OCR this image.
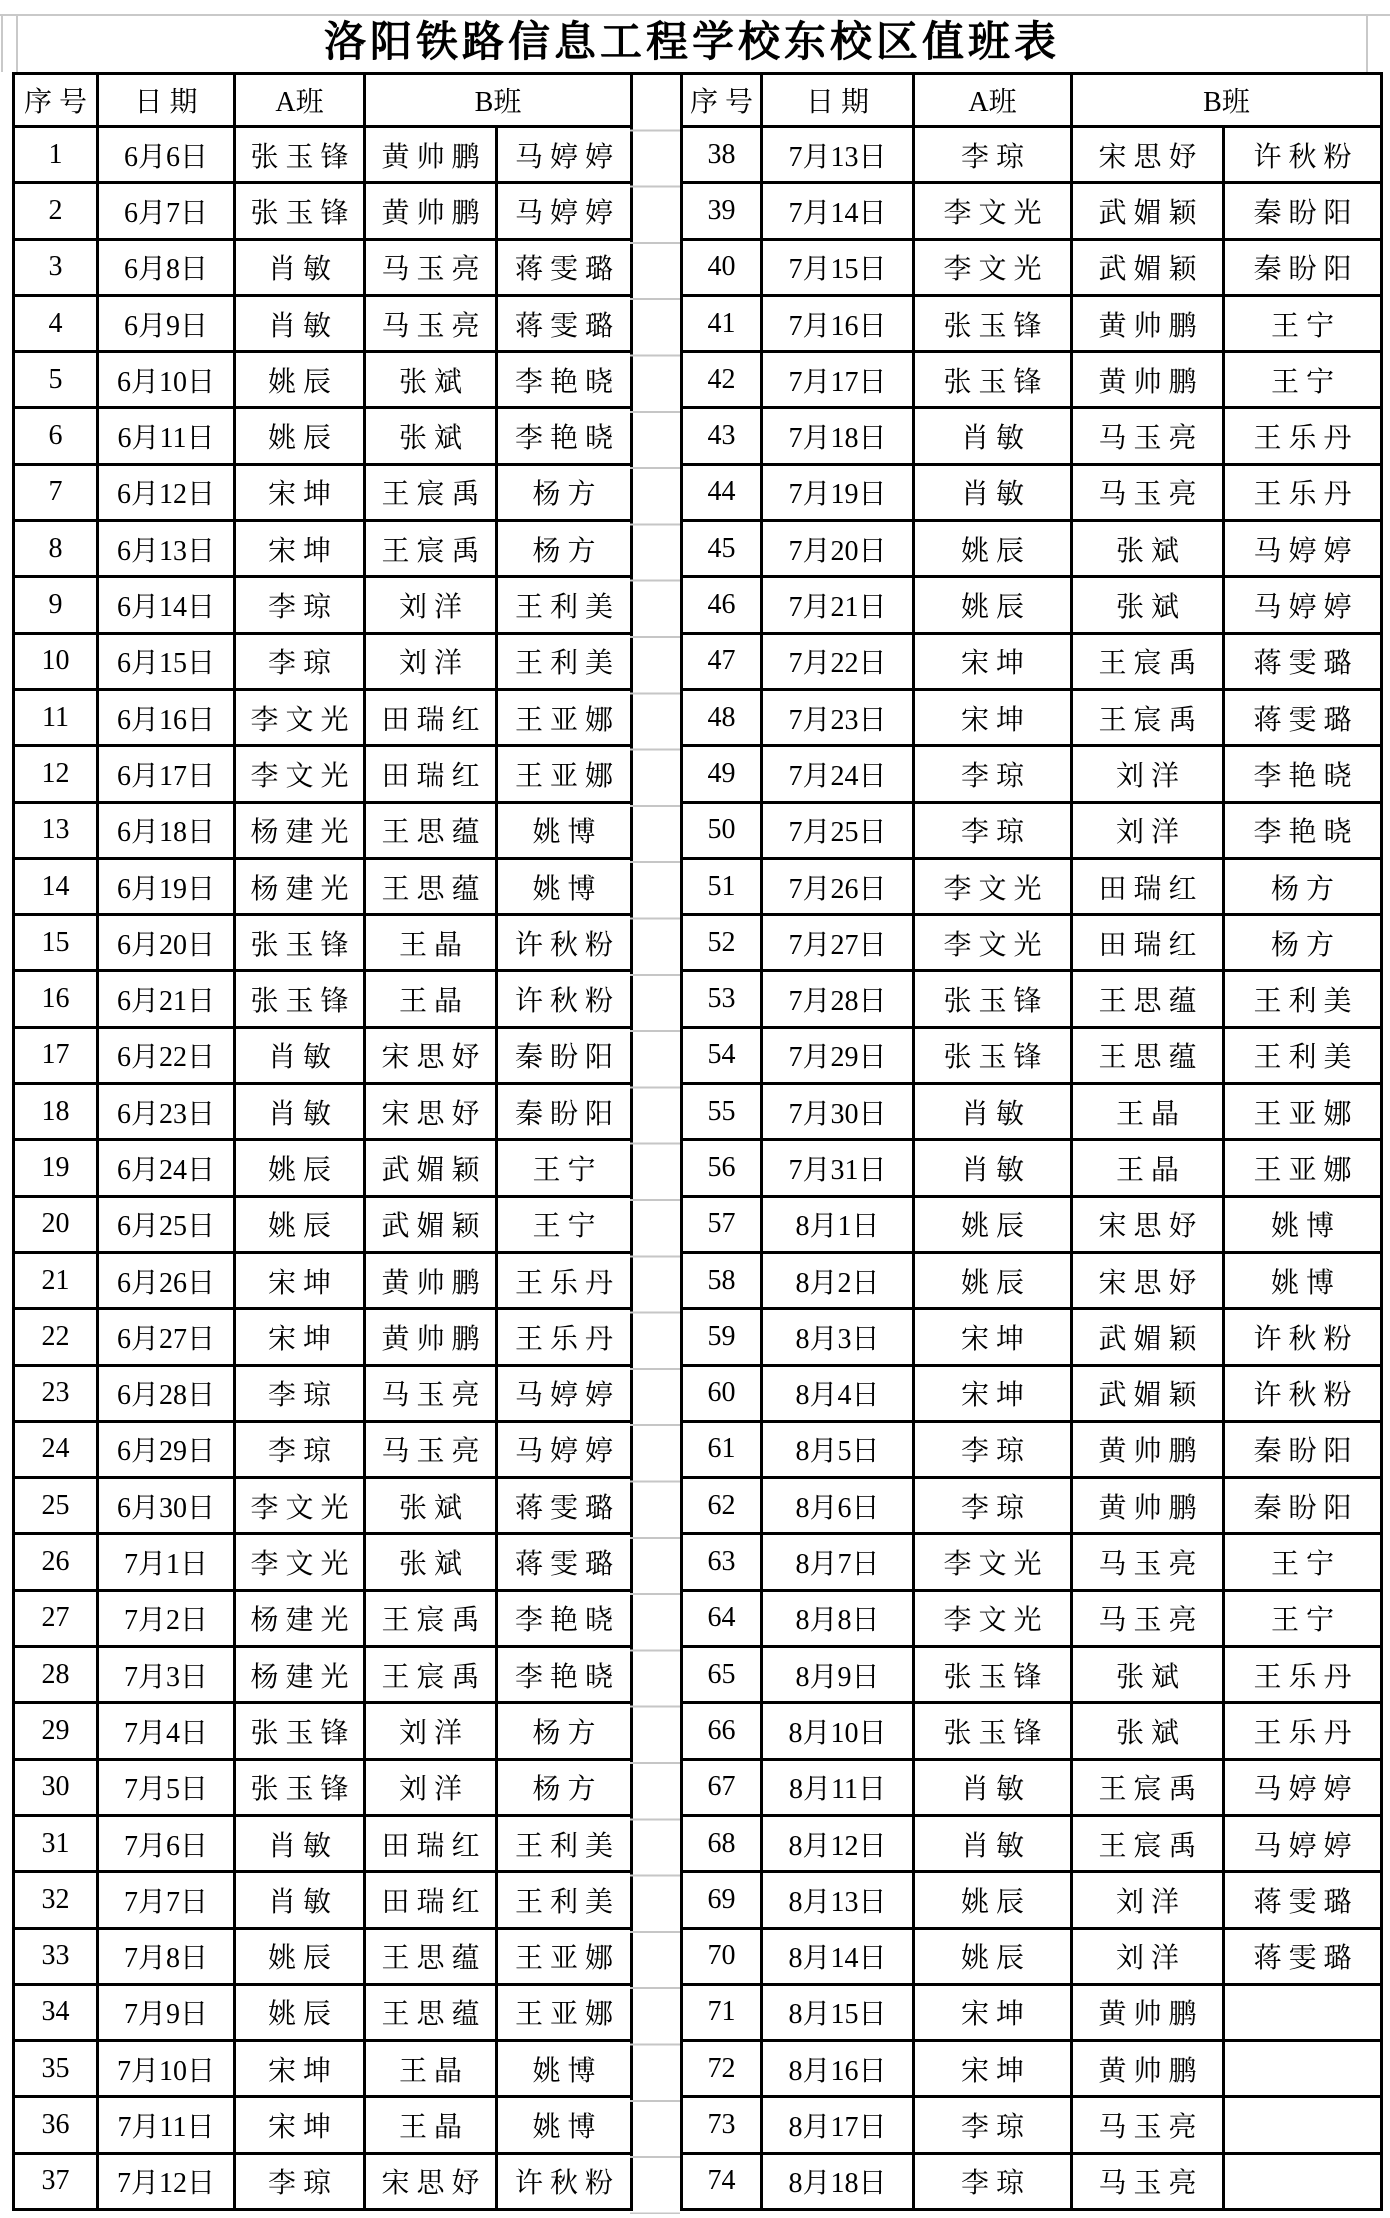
洛阳铁路信息工程学校东校区值班表
序 号	日 期	A班	B班	
1	6月6日	张 玉 锋	黄 帅 鹏	马 婷 婷
2	6月7日	张 玉 锋	黄 帅 鹏	马 婷 婷
3	6月8日	肖 敏	马 玉 亮	蒋 雯 璐
4	6月9日	肖 敏	马 玉 亮	蒋 雯 璐
5	6月10日	姚 辰	张 斌	李 艳 晓
6	6月11日	姚 辰	张 斌	李 艳 晓
7	6月12日	宋 坤	王 宸 禹	杨 方
8	6月13日	宋 坤	王 宸 禹	杨 方
9	6月14日	李 琼	刘 洋	王 利 美
10	6月15日	李 琼	刘 洋	王 利 美
11	6月16日	李 文 光	田 瑞 红	王 亚 娜
12	6月17日	李 文 光	田 瑞 红	王 亚 娜
13	6月18日	杨 建 光	王 思 蕴	姚 博
14	6月19日	杨 建 光	王 思 蕴	姚 博
15	6月20日	张 玉 锋	王 晶	许 秋 粉
16	6月21日	张 玉 锋	王 晶	许 秋 粉
17	6月22日	肖 敏	宋 思 妤	秦 盼 阳
18	6月23日	肖 敏	宋 思 妤	秦 盼 阳
19	6月24日	姚 辰	武 媚 颖	王 宁
20	6月25日	姚 辰	武 媚 颖	王 宁
21	6月26日	宋 坤	黄 帅 鹏	王 乐 丹
22	6月27日	宋 坤	黄 帅 鹏	王 乐 丹
23	6月28日	李 琼	马 玉 亮	马 婷 婷
24	6月29日	李 琼	马 玉 亮	马 婷 婷
25	6月30日	李 文 光	张 斌	蒋 雯 璐
26	7月1日	李 文 光	张 斌	蒋 雯 璐
27	7月2日	杨 建 光	王 宸 禹	李 艳 晓
28	7月3日	杨 建 光	王 宸 禹	李 艳 晓
29	7月4日	张 玉 锋	刘 洋	杨 方
30	7月5日	张 玉 锋	刘 洋	杨 方
31	7月6日	肖 敏	田 瑞 红	王 利 美
32	7月7日	肖 敏	田 瑞 红	王 利 美
33	7月8日	姚 辰	王 思 蕴	王 亚 娜
34	7月9日	姚 辰	王 思 蕴	王 亚 娜
35	7月10日	宋 坤	王 晶	姚 博
36	7月11日	宋 坤	王 晶	姚 博
37	7月12日	李 琼	宋 思 妤	许 秋 粉
序 号	日 期	A班	B班	
38	7月13日	李 琼	宋 思 妤	许 秋 粉
39	7月14日	李 文 光	武 媚 颖	秦 盼 阳
40	7月15日	李 文 光	武 媚 颖	秦 盼 阳
41	7月16日	张 玉 锋	黄 帅 鹏	王 宁
42	7月17日	张 玉 锋	黄 帅 鹏	王 宁
43	7月18日	肖 敏	马 玉 亮	王 乐 丹
44	7月19日	肖 敏	马 玉 亮	王 乐 丹
45	7月20日	姚 辰	张 斌	马 婷 婷
46	7月21日	姚 辰	张 斌	马 婷 婷
47	7月22日	宋 坤	王 宸 禹	蒋 雯 璐
48	7月23日	宋 坤	王 宸 禹	蒋 雯 璐
49	7月24日	李 琼	刘 洋	李 艳 晓
50	7月25日	李 琼	刘 洋	李 艳 晓
51	7月26日	李 文 光	田 瑞 红	杨 方
52	7月27日	李 文 光	田 瑞 红	杨 方
53	7月28日	张 玉 锋	王 思 蕴	王 利 美
54	7月29日	张 玉 锋	王 思 蕴	王 利 美
55	7月30日	肖 敏	王 晶	王 亚 娜
56	7月31日	肖 敏	王 晶	王 亚 娜
57	8月1日	姚 辰	宋 思 妤	姚 博
58	8月2日	姚 辰	宋 思 妤	姚 博
59	8月3日	宋 坤	武 媚 颖	许 秋 粉
60	8月4日	宋 坤	武 媚 颖	许 秋 粉
61	8月5日	李 琼	黄 帅 鹏	秦 盼 阳
62	8月6日	李 琼	黄 帅 鹏	秦 盼 阳
63	8月7日	李 文 光	马 玉 亮	王 宁
64	8月8日	李 文 光	马 玉 亮	王 宁
65	8月9日	张 玉 锋	张 斌	王 乐 丹
66	8月10日	张 玉 锋	张 斌	王 乐 丹
67	8月11日	肖 敏	王 宸 禹	马 婷 婷
68	8月12日	肖 敏	王 宸 禹	马 婷 婷
69	8月13日	姚 辰	刘 洋	蒋 雯 璐
70	8月14日	姚 辰	刘 洋	蒋 雯 璐
71	8月15日	宋 坤	黄 帅 鹏	
72	8月16日	宋 坤	黄 帅 鹏	
73	8月17日	李 琼	马 玉 亮	
74	8月18日	李 琼	马 玉 亮	
